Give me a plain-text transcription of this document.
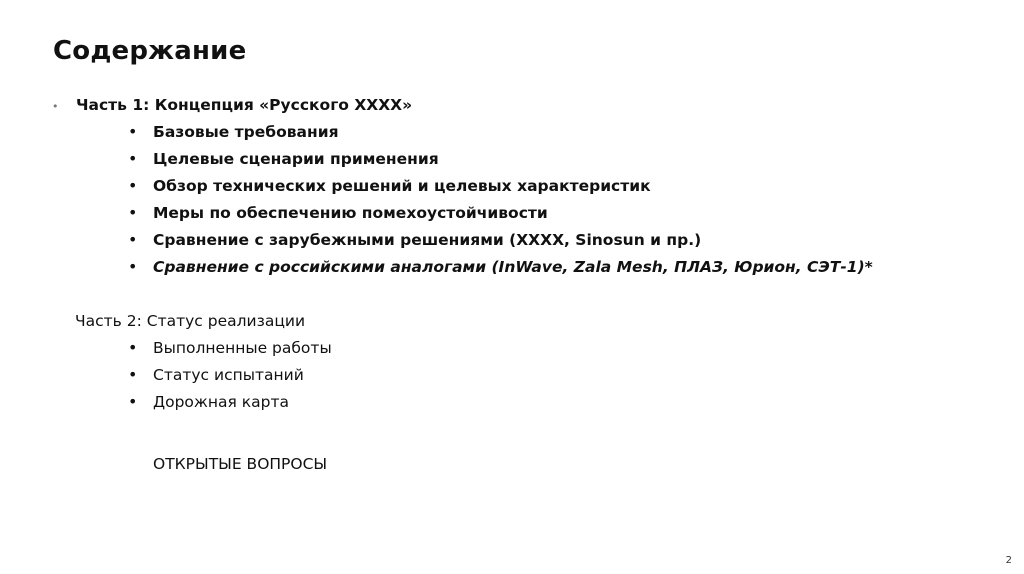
Содержание
• Часть 1: Концепция «Русского XXXX»
• Базовые требования
• Целевые сценарии применения
• Обзор технических решений и целевых характеристик
• Меры по обеспечению помехоустойчивости
• Сравнение с зарубежными решениями (XXXX, Sinosun и пр.)
• Сравнение с российскими аналогами (InWave, Zala Mesh, ПЛАЗ, Юрион, СЭТ-1)*
Часть 2: Статус реализации
• Выполненные работы
• Статус испытаний
• Дорожная карта
ОТКРЫТЫЕ ВОПРОСЫ
2
